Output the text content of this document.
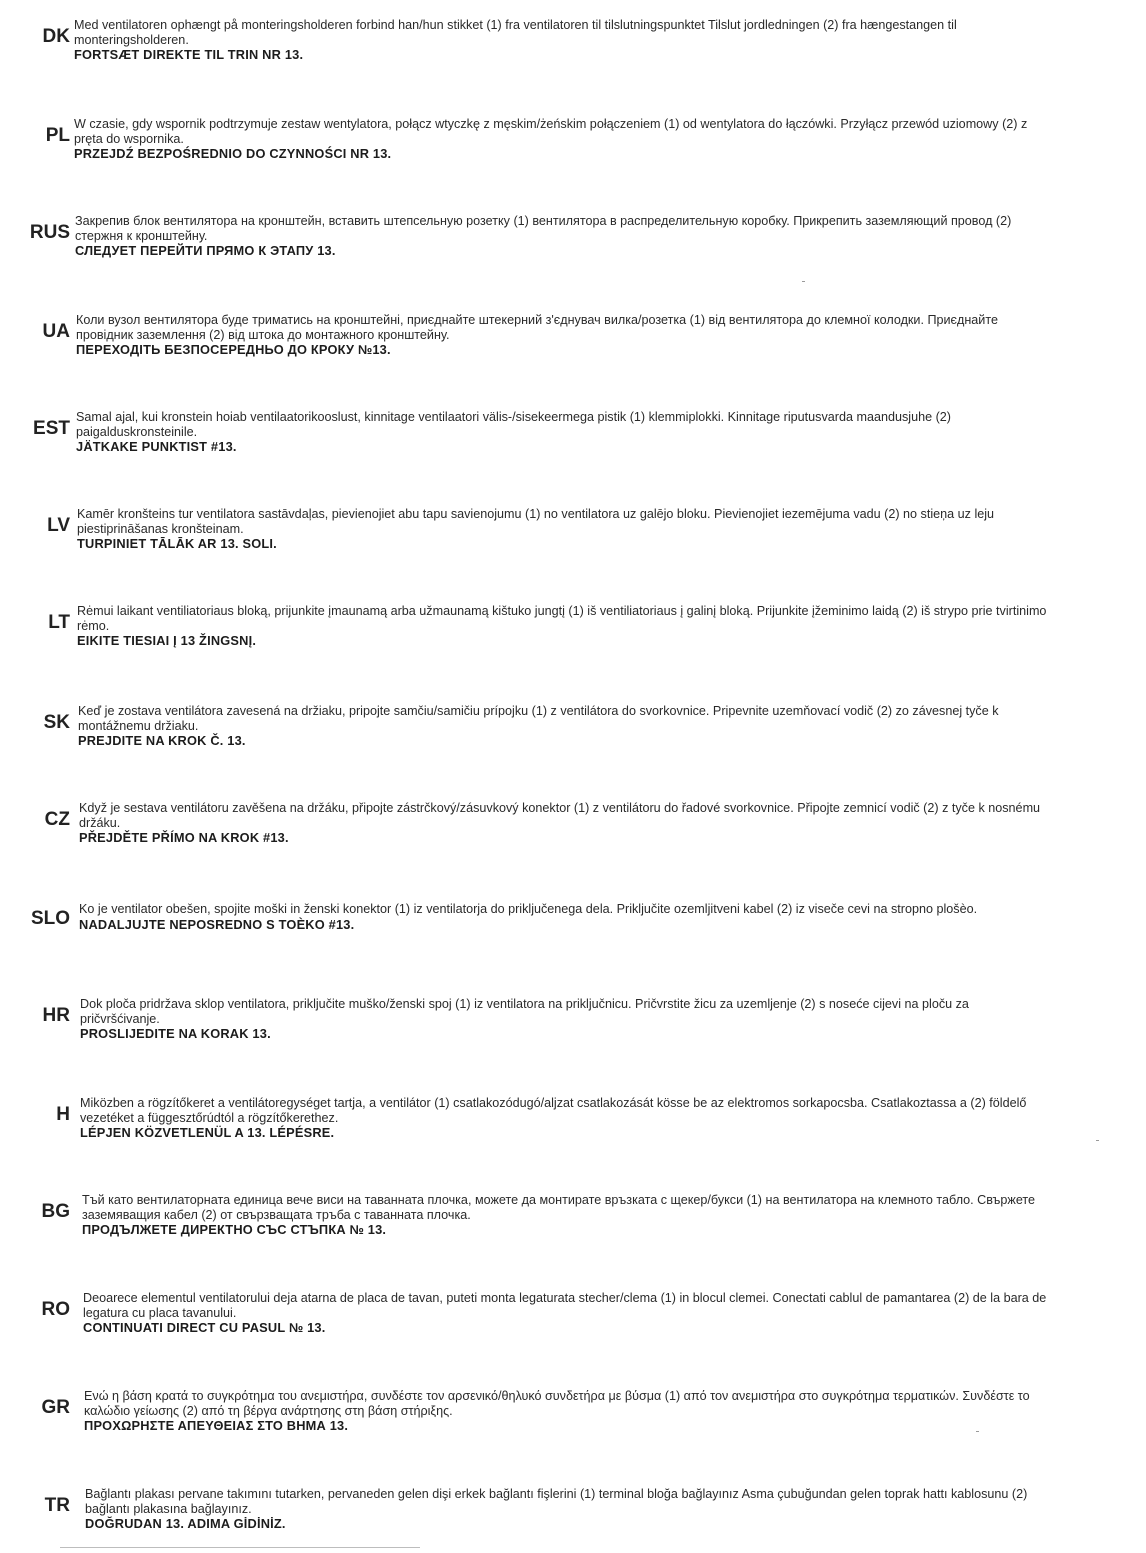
DK
Med ventilatoren ophængt på monteringsholderen forbind han/hun stikket (1) fra ventilatoren til tilslutningspunktet Tilslut jordledningen (2) fra hængestangen til monteringsholderen.
FORTSÆT DIREKTE TIL TRIN NR 13.
PL
W czasie, gdy wspornik podtrzymuje zestaw wentylatora, połącz wtyczkę z męskim/żeńskim połączeniem (1) od wentylatora do łączówki. Przyłącz przewód uziomowy (2) z pręta do wspornika.
PRZEJDŹ BEZPOŚREDNIO DO CZYNNOŚCI NR 13.
RUS
Закрепив блок вентилятора на кронштейн, вставить штепсельную розетку (1) вентилятора в распределительную коробку. Прикрепить заземляющий провод (2) стержня к кронштейну.
СЛЕДУЕТ ПЕРЕЙТИ ПРЯМО К ЭТАПУ 13.
UA
Коли вузол вентилятора буде триматись на кронштейні, приєднайте штекерний з'єднувач вилка/розетка (1) від вентилятора до клемної колодки. Приєднайте провідник заземлення (2) від штока до монтажного кронштейну.
ПЕРЕХОДІТЬ БЕЗПОСЕРЕДНЬО ДО КРОКУ №13.
EST
Samal ajal, kui kronstein hoiab ventilaatorikooslust, kinnitage ventilaatori välis-/sisekeermega pistik (1) klemmiplokki. Kinnitage riputusvarda maandusjuhe (2) paigalduskronsteinile.
JÄTKAKE PUNKTIST #13.
LV
Kamēr kronšteins tur ventilatora sastāvdaļas, pievienojiet abu tapu savienojumu (1) no ventilatora uz galējo bloku. Pievienojiet iezemējuma vadu (2) no stieņa uz leju piestiprināšanas kronšteinam.
TURPINIET TĀLĀK AR 13. SOLI.
LT
Rėmui laikant ventiliatoriaus bloką, prijunkite įmaunamą arba užmaunamą kištuko jungtį (1) iš ventiliatoriaus į galinį bloką. Prijunkite įžeminimo laidą (2) iš strypo prie tvirtinimo rėmo.
EIKITE TIESIAI Į 13 ŽINGSNĮ.
SK
Keď je zostava ventilátora zavesená na držiaku, pripojte samčiu/samičiu prípojku (1) z ventilátora do svorkovnice. Pripevnite uzemňovací vodič (2) zo závesnej tyče k montážnemu držiaku.
PREJDITE NA KROK Č. 13.
CZ
Když je sestava ventilátoru zavěšena na držáku, připojte zástrčkový/zásuvkový konektor (1) z ventilátoru do řadové svorkovnice. Připojte zemnicí vodič (2) z tyče k nosnému držáku.
PŘEJDĚTE PŘÍMO NA KROK #13.
SLO Ko je ventilator obešen, spojite moški in ženski konektor (1) iz ventilatorja do priključenega dela. Priključite ozemljitveni kabel (2) iz viseče cevi na stropno plošèo.
NADALJUJTE NEPOSREDNO S TOÈKO #13.
HR
Dok ploča pridržava sklop ventilatora, priključite muško/ženski spoj (1) iz ventilatora na priključnicu. Pričvrstite žicu za uzemljenje (2) s noseće cijevi na ploču za pričvršćivanje.
PROSLIJEDITE NA KORAK 13.
H
Miközben a rögzítőkeret a ventilátoregységet tartja, a ventilátor (1) csatlakozódugó/aljzat csatlakozását kösse be az elektromos sorkapocsba. Csatlakoztassa a (2) földelő vezetéket a függesztőrúdtól a rögzítőkerethez.
LÉPJEN KÖZVETLENÜL A 13. LÉPÉSRE.
BG
Тъй като вентилаторната единица вече виси на таванната плочка, можете да монтирате връзката с щекер/букси (1) на вентилатора на клемното табло. Свържете заземяващия кабел (2) от свързващата тръба с таванната плочка.
ПРОДЪЛЖЕТЕ ДИРЕКТНО СЪС СТЪПКА № 13.
RO
Deoarece elementul ventilatorului deja atarna de placa de tavan, puteti monta legaturata stecher/clema (1) in blocul clemei. Conectati cablul de pamantarea (2) de la bara de legatura cu placa tavanului.
CONTINUATI DIRECT CU PASUL № 13.
GR
Ενώ η βάση κρατά το συγκρότημα του ανεμιστήρα, συνδέστε τον αρσενικό/θηλυκό συνδετήρα με βύσμα (1) από τον ανεμιστήρα στο συγκρότημα τερματικών. Συνδέστε το καλώδιο γείωσης (2) από τη βέργα ανάρτησης στη βάση στήριξης.
ΠΡΟΧΩΡΗΣΤΕ ΑΠΕΥΘΕΙΑΣ ΣΤΟ ΒΗΜΑ 13.
TR
Bağlantı plakası pervane takımını tutarken, pervaneden gelen dişi erkek bağlantı fişlerini (1) terminal bloğa bağlayınız Asma çubuğundan gelen toprak hattı kablosunu (2) bağlantı plakasına bağlayınız.
DOĞRUDAN 13. ADIMA GİDİNİZ.
